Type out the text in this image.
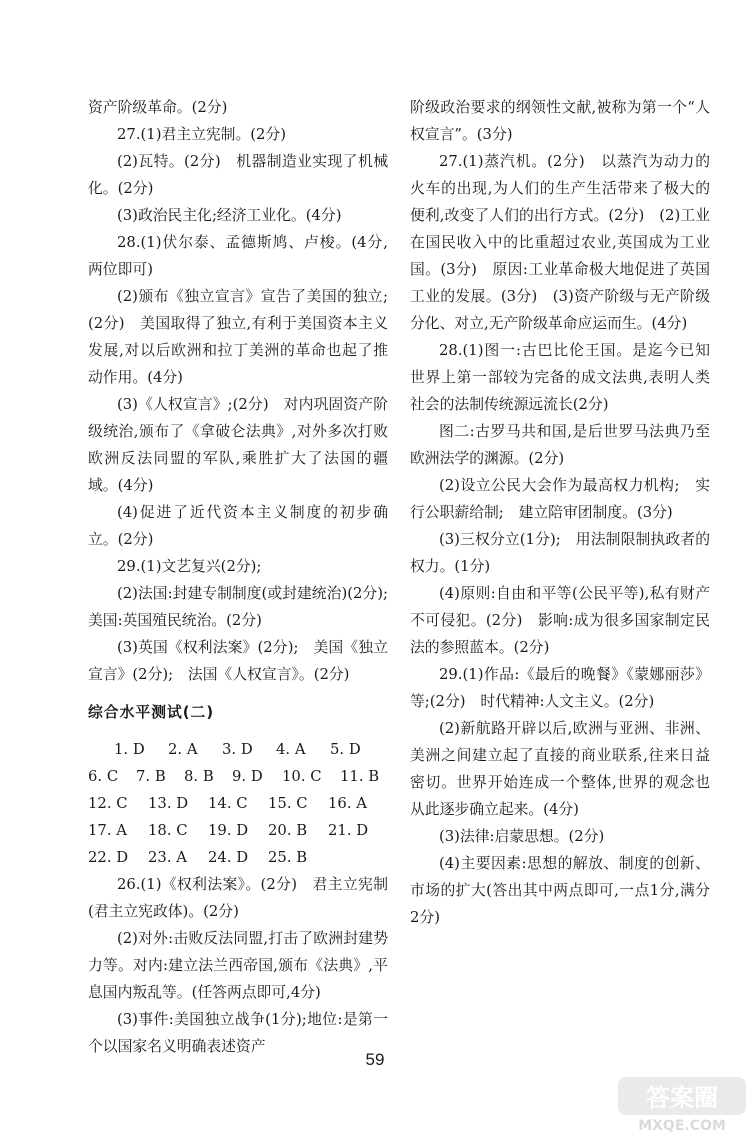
资产阶级革命。(2分)

27.(1)君主立宪制。(2分)

(2)瓦特。(2分)　机器制造业实现了机械化。(2分)

(3)政治民主化;经济工业化。(4分)

28.(1)伏尔泰、孟德斯鸠、卢梭。(4分,两位即可)

(2)颁布《独立宣言》宣告了美国的独立;(2分)　美国取得了独立,有利于美国资本主义发展,对以后欧洲和拉丁美洲的革命也起了推动作用。(4分)

(3)《人权宣言》;(2分)　对内巩固资产阶级统治,颁布了《拿破仑法典》,对外多次打败欧洲反法同盟的军队,乘胜扩大了法国的疆域。(4分)

(4)促进了近代资本主义制度的初步确立。(2分)

29.(1)文艺复兴(2分);

(2)法国:封建专制制度(或封建统治)(2分);　美国:英国殖民统治。(2分)

(3)英国《权利法案》(2分);　美国《独立宣言》(2分);　法国《人权宣言》。(2分)

综合水平测试(二)

1. D	2. A	3. D	4. A	5. D
6. C	7. B	8. B	9. D	10. C	11. B
12. C	13. D	14. C	15. C	16. A
17. A	18. C	19. D	20. B	21. D
22. D	23. A	24. D	25. B

26.(1)《权利法案》。(2分)　君主立宪制(君主立宪政体)。(2分)

(2)对外:击败反法同盟,打击了欧洲封建势力等。对内:建立法兰西帝国,颁布《法典》,平息国内叛乱等。(任答两点即可,4分)

(3)事件:美国独立战争(1分);地位:是第一个以国家名义明确表述资产

阶级政治要求的纲领性文献,被称为第一个“人权宣言”。(3分)

27.(1)蒸汽机。(2分)　以蒸汽为动力的火车的出现,为人们的生产生活带来了极大的便利,改变了人们的出行方式。(2分)　(2)工业在国民收入中的比重超过农业,英国成为工业国。(3分)　原因:工业革命极大地促进了英国工业的发展。(3分)　(3)资产阶级与无产阶级分化、对立,无产阶级革命应运而生。(4分)

28.(1)图一:古巴比伦王国。是迄今已知世界上第一部较为完备的成文法典,表明人类社会的法制传统源远流长(2分)

图二:古罗马共和国,是后世罗马法典乃至欧洲法学的渊源。(2分)

(2)设立公民大会作为最高权力机构;　实行公职薪给制;　建立陪审团制度。(3分)

(3)三权分立(1分);　用法制限制执政者的权力。(1分)

(4)原则:自由和平等(公民平等),私有财产不可侵犯。(2分)　影响:成为很多国家制定民法的参照蓝本。(2分)

29.(1)作品:《最后的晚餐》《蒙娜丽莎》等;(2分)　时代精神:人文主义。(2分)

(2)新航路开辟以后,欧洲与亚洲、非洲、美洲之间建立起了直接的商业联系,往来日益密切。世界开始连成一个整体,世界的观念也从此逐步确立起来。(4分)

(3)法律:启蒙思想。(2分)

(4)主要因素:思想的解放、制度的创新、市场的扩大(答出其中两点即可,一点1分,满分2分)

59
答案圈
MXQE.COM
